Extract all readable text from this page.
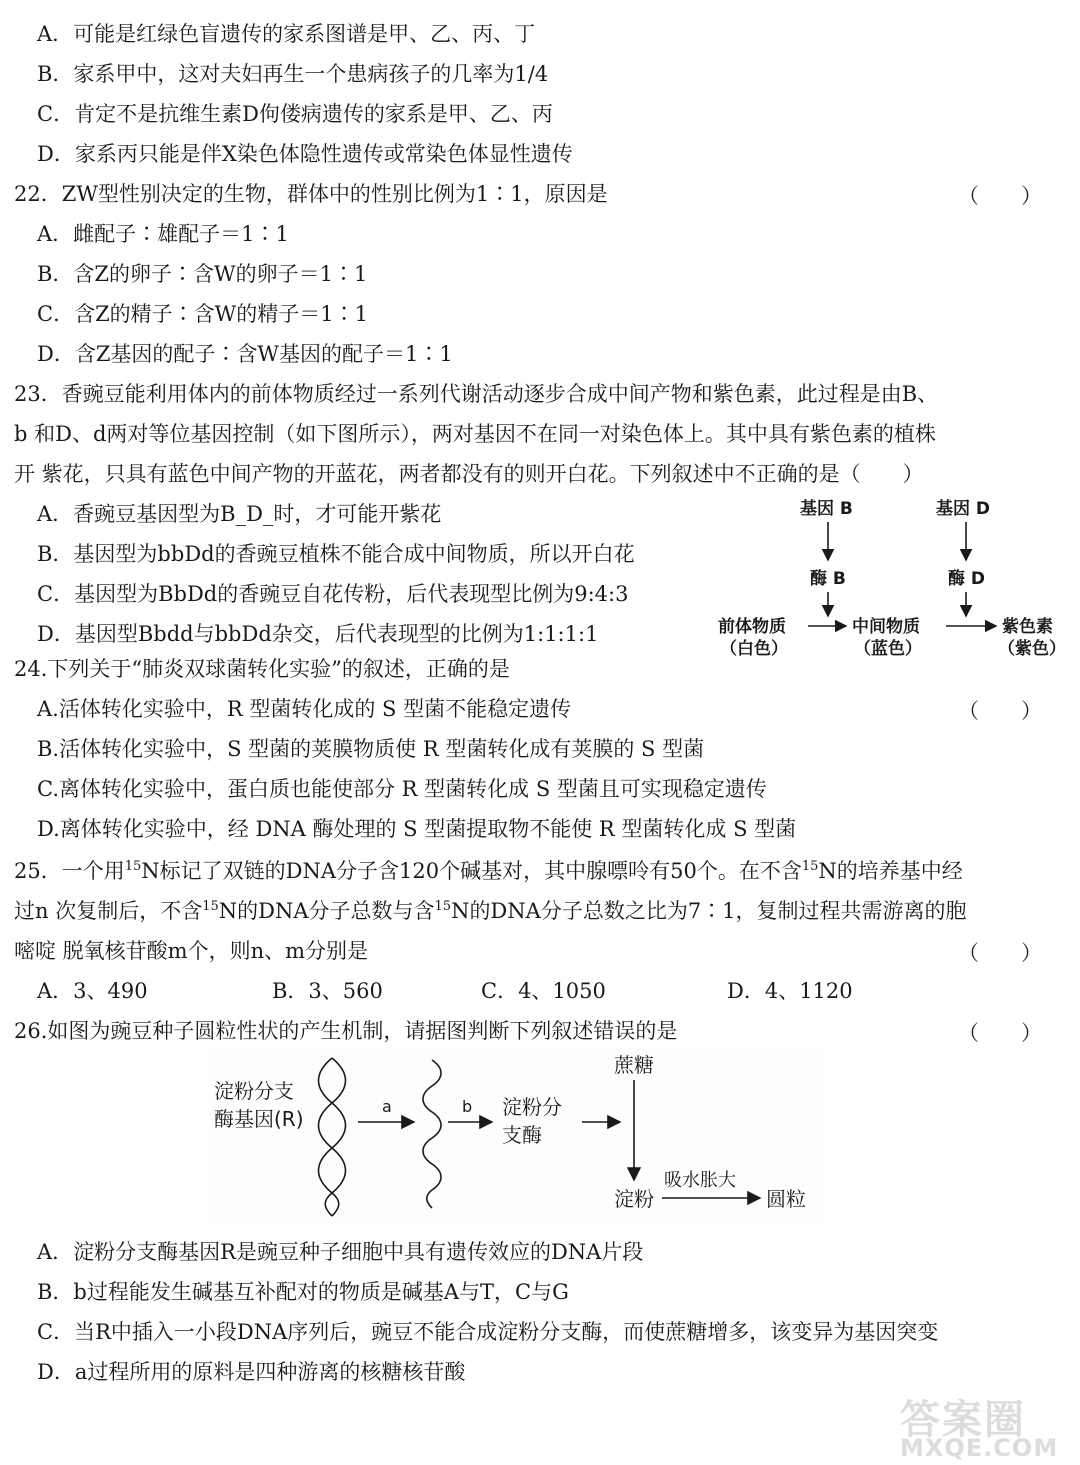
A．可能是红绿色盲遗传的家系图谱是甲、乙、丙、丁
B．家系甲中，这对夫妇再生一个患病孩子的几率为1/4
C．肯定不是抗维生素D佝偻病遗传的家系是甲、乙、丙
D．家系丙只能是伴X染色体隐性遗传或常染色体显性遗传
22．ZW型性别决定的生物，群体中的性别比例为1∶1，原因是	（　　）
A．雌配子∶雄配子＝1∶1
B．含Z的卵子∶含W的卵子＝1∶1
C．含Z的精子∶含W的精子＝1∶1
D．含Z基因的配子∶含W基因的配子＝1∶1
23．香豌豆能利用体内的前体物质经过一系列代谢活动逐步合成中间产物和紫色素，此过程是由B、
b 和D、d两对等位基因控制（如下图所示），两对基因不在同一对染色体上。其中具有紫色素的植株
开 紫花，只具有蓝色中间产物的开蓝花，两者都没有的则开白花。下列叙述中不正确的是（　　）
A．香豌豆基因型为B_D_时，才可能开紫花
B．基因型为bbDd的香豌豆植株不能合成中间物质，所以开白花
C．基因型为BbDd的香豌豆自花传粉，后代表现型比例为9:4:3
D．基因型Bbdd与bbDd杂交，后代表现型的比例为1:1:1:1
基因 B	基因 D
酶 B	酶 D
前体物质
（白色）
中间物质
（蓝色）
紫色素
（紫色）
24.下列关于“肺炎双球菌转化实验”的叙述，正确的是
（　　）
A.活体转化实验中，R 型菌转化成的 S 型菌不能稳定遗传
B.活体转化实验中，S 型菌的荚膜物质使 R 型菌转化成有荚膜的 S 型菌
C.离体转化实验中，蛋白质也能使部分 R 型菌转化成 S 型菌且可实现稳定遗传
D.离体转化实验中，经 DNA 酶处理的 S 型菌提取物不能使 R 型菌转化成 S 型菌
25．一个用$^{15}$N标记了双链的DNA分子含120个碱基对，其中腺嘌呤有50个。在不含$^{15}$N的培养基中经
过n 次复制后，不含$^{15}$N的DNA分子总数与含$^{15}$N的DNA分子总数之比为7∶1，复制过程共需游离的胞
嘧啶 脱氧核苷酸m个，则n、m分别是	（　　）
A．3、490	B．3、560	C．4、1050	D．4、1120
26.如图为豌豆种子圆粒性状的产生机制，请据图判断下列叙述错误的是	（　　）
淀粉分支
酶基因(R)
a	b 淀粉分
支酶
蔗糖
淀粉
吸水胀大
圆粒
A．淀粉分支酶基因R是豌豆种子细胞中具有遗传效应的DNA片段
B．b过程能发生碱基互补配对的物质是碱基A与T，C与G
C．当R中插入一小段DNA序列后，豌豆不能合成淀粉分支酶，而使蔗糖增多，该变异为基因突变
D．a过程所用的原料是四种游离的核糖核苷酸
答案圈
MXQE.COM
